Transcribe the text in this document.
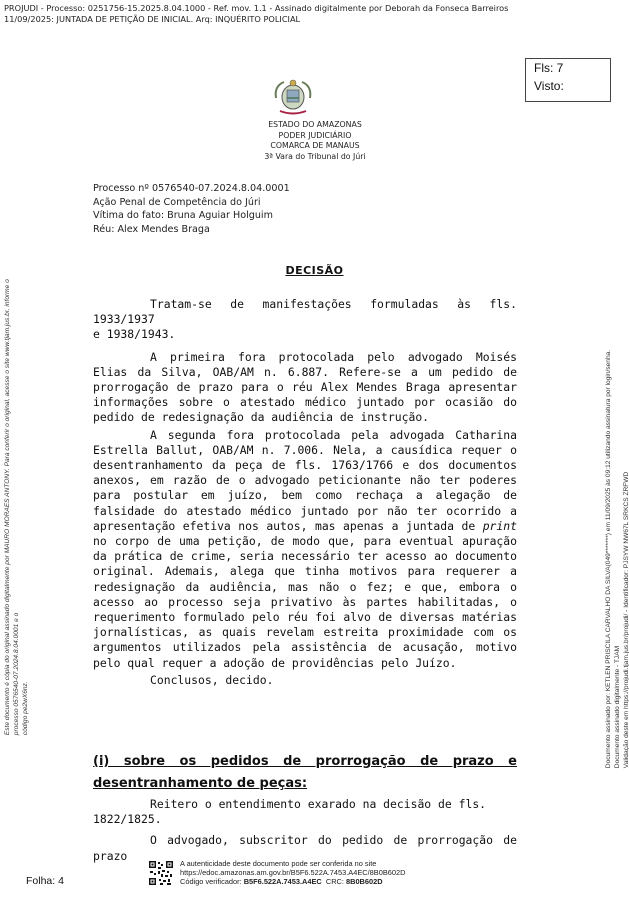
PROJUDI - Processo: 0251756-15.2025.8.04.1000 - Ref. mov. 1.1 - Assinado digitalmente por Deborah da Fonseca Barreiros
11/09/2025: JUNTADA DE PETIÇÃO DE INICIAL. Arq: INQUÉRITO POLICIAL
Fls: 7
Visto:
ESTADO DO AMAZONAS
PODER JUDICIÁRIO
COMARCA DE MANAUS
3ª Vara do Tribunal do Júri
Processo nº 0576540-07.2024.8.04.0001
Ação Penal de Competência do Júri
Vítima do fato: Bruna Aguiar Holguim
Réu: Alex Mendes Braga
DECISÃO

Tratam-se de manifestações formuladas às fls. 1933/1937

e 1938/1943.

A primeira fora protocolada pelo advogado Moisés Elias da Silva, OAB/AM n. 6.887. Refere-se a um pedido de prorrogação de prazo para o réu Alex Mendes Braga apresentar informações sobre o atestado médico juntado por ocasião do pedido de redesignação da audiência de instrução.

A segunda fora protocolada pela advogada Catharina Estrella Ballut, OAB/AM n. 7.006. Nela, a causídica requer o desentranhamento da peça de fls. 1763/1766 e dos documentos anexos, em razão de o advogado peticionante não ter poderes para postular em juízo, bem como rechaça a alegação de falsidade do atestado médico juntado por não ter ocorrido a apresentação efetiva nos autos, mas apenas a juntada de print no corpo de uma petição, de modo que, para eventual apuração da prática de crime, seria necessário ter acesso ao documento original. Ademais, alega que tinha motivos para requerer a redesignação da audiência, mas não o fez; e que, embora o acesso ao processo seja privativo às partes habilitadas, o requerimento formulado pelo réu foi alvo de diversas matérias jornalísticas, as quais revelam estreita proximidade com os argumentos utilizados pela assistência de acusação, motivo pelo qual requer a adoção de providências pelo Juízo.

Conclusos, decido.

(i) sobre os pedidos de prorrogação de prazo e
desentranhamento de peças:

Reitero o entendimento exarado na decisão de fls.

1822/1825.

O advogado, subscritor do pedido de prorrogação de prazo

Este documento é cópia do original assinado digitalmente por MAURO MORAES ANTONY. Para conferir o original, acesse o site www.tjam.jus.br, informe o processo 0576540-07.2024.8.04.0001 e o código pe2wX6nz.	Documento assinado por: KETLEN PRISCILA CARVALHO DA SILVA(049*******) em 11/09/2025 às 09:12 utilizando assinatura por login/senha. Documento assinado digitalmente - TJAM Validação deste em https://projudi.tjam.jus.br/projudi/ - Identificador: PJSYW NW67L SRKCS ZRFWD
Folha: 4
A autenticidade deste documento pode ser conferida no site
https://edoc.amazonas.am.gov.br/B5F6.522A.7453.A4EC/8B0B602D
Código verificador: B5F6.522A.7453.A4EC CRC: 8B0B602D
